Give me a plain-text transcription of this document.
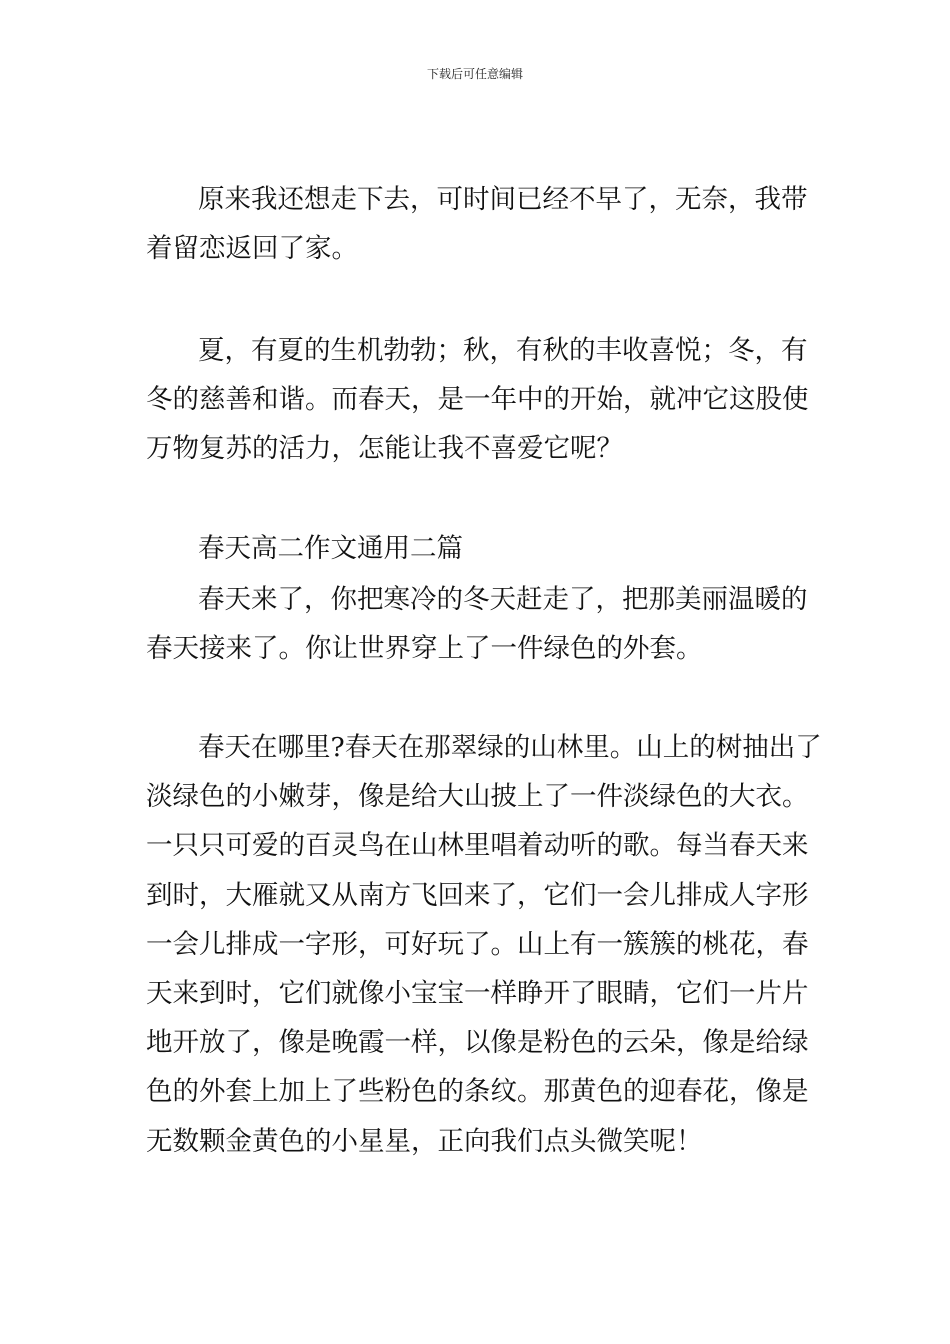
下载后可任意编辑
原来我还想走下去，可时间已经不早了，无奈，我带
着留恋返回了家。
夏，有夏的生机勃勃；秋，有秋的丰收喜悦；冬，有
冬的慈善和谐。而春天，是一年中的开始，就冲它这股使
万物复苏的活力，怎能让我不喜爱它呢？
春天高二作文通用二篇
春天来了，你把寒冷的冬天赶走了，把那美丽温暖的
春天接来了。你让世界穿上了一件绿色的外套。
春天在哪里?春天在那翠绿的山林里。山上的树抽出了
淡绿色的小嫩芽，像是给大山披上了一件淡绿色的大衣。
一只只可爱的百灵鸟在山林里唱着动听的歌。每当春天来
到时，大雁就又从南方飞回来了，它们一会儿排成人字形
一会儿排成一字形，可好玩了。山上有一簇簇的桃花，春
天来到时，它们就像小宝宝一样睁开了眼睛，它们一片片
地开放了，像是晚霞一样，以像是粉色的云朵，像是给绿
色的外套上加上了些粉色的条纹。那黄色的迎春花，像是
无数颗金黄色的小星星，正向我们点头微笑呢！
